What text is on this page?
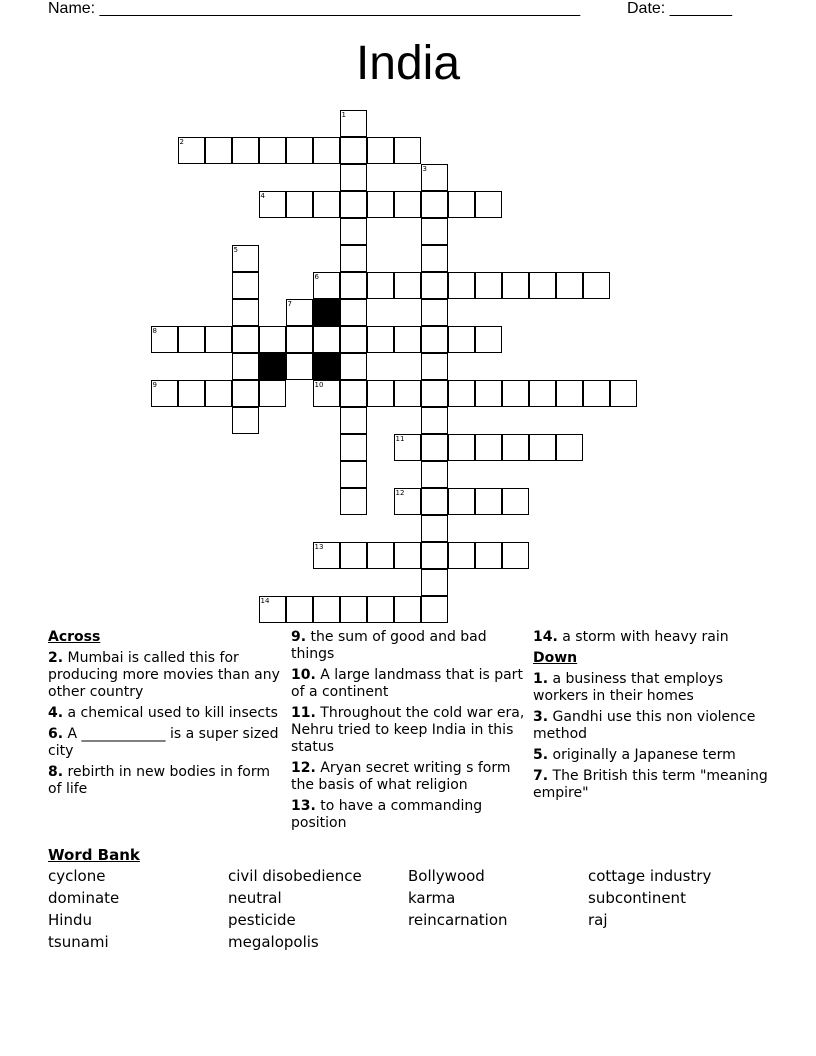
Name: ______________________________________________________	Date: _______
India
1
2
3
4
5
6
7
8
9	10
11
12
13
14
Across
2. Mumbai is called this for producing more movies than any other country
4. a chemical used to kill insects
6. A ____________ is a super sized city
8. rebirth in new bodies in form of life
9. the sum of good and bad things
10. A large landmass that is part of a continent
11. Throughout the cold war era, Nehru tried to keep India in this status
12. Aryan secret writing s form the basis of what religion
13. to have a commanding position
14. a storm with heavy rain
Down
1. a business that employs workers in their homes
3. Gandhi use this non violence method
5. originally a Japanese term
7. The British this term "meaning empire"
Word Bank
cyclone	civil disobedience	Bollywood	cottage industry
dominate	neutral	karma	subcontinent
Hindu	pesticide	reincarnation	raj
tsunami	megalopolis
